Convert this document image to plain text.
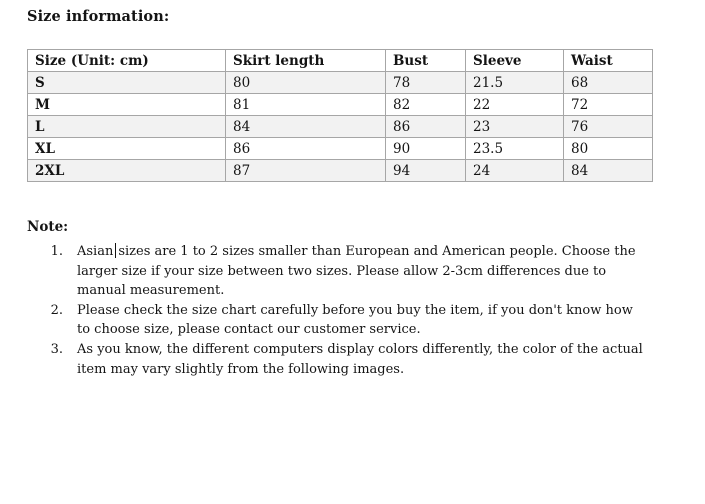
Size information:
Size (Unit: cm)	Skirt length	Bust	Sleeve	Waist
S	80	78	21.5	68
M	81	82	22	72
L	84	86	23	76
XL	86	90	23.5	80
2XL	87	94	24	84
Note:
1.	Asian sizes are 1 to 2 sizes smaller than European and American people. Choose the larger size if your size between two sizes. Please allow 2-3cm differences due to manual measurement.
2.	Please check the size chart carefully before you buy the item, if you don't know how to choose size, please contact our customer service.
3.	As you know, the different computers display colors differently, the color of the actual item may vary slightly from the following images.
